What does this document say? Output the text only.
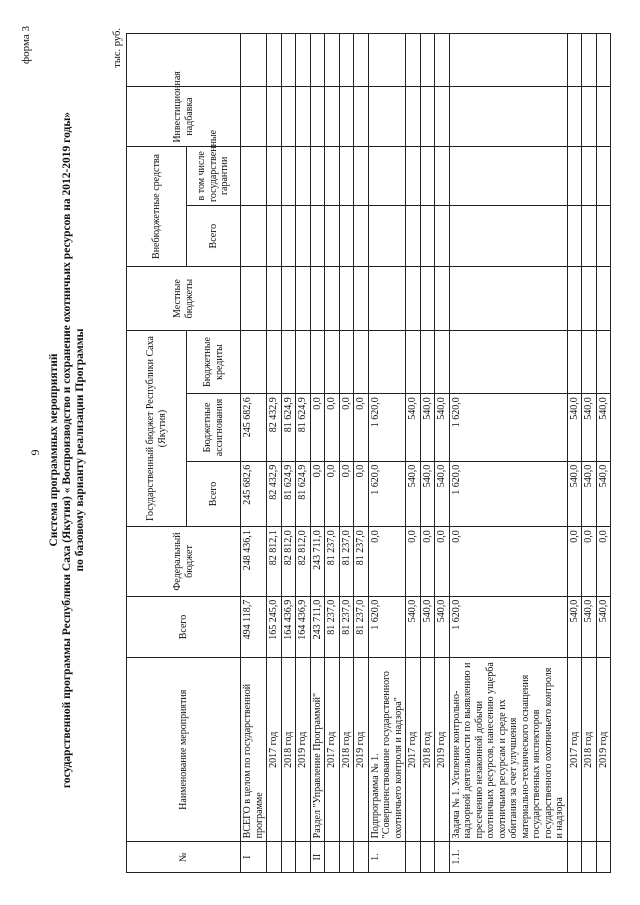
9
форма 3
Система программных мероприятий государственной программы Республики Саха (Якутия) « Воспроизводство и сохранение охотничьих ресурсов на 2012-2019 годы» по базовому варианту реализации Программы
тыс. руб.
№	Наименование мероприятия	Всего	Федеральный бюджет	Государственный бюджет Республики Саха (Якутия)			Местные бюджеты	Внебюджетные средства		Инвестиционная надбавка	
				Всего	Бюджетные ассигнования	Бюджетные кредиты		Всего	в том числе государственные гарантии		
I	ВСЕГО в целом по государственной программе	494 118,7	248 436,1	245 682,6	245 682,6						
	2017 год	165 245,0	82 812,1	82 432,9	82 432,9						
	2018 год	164 436,9	82 812,0	81 624,9	81 624,9						
	2019 год	164 436,9	82 812,0	81 624,9	81 624,9						
II	Раздел "Управление Программой"	243 711,0	243 711,0	0,0	0,0						
	2017 год	81 237,0	81 237,0	0,0	0,0						
	2018 год	81 237,0	81 237,0	0,0	0,0						
	2019 год	81 237,0	81 237,0	0,0	0,0						
1.	Подпрограмма № 1. "Совершенствование государственного охотничьего контроля и надзора"	1 620,0	0,0	1 620,0	1 620,0						
	2017 год	540,0	0,0	540,0	540,0						
	2018 год	540,0	0,0	540,0	540,0						
	2019 год	540,0	0,0	540,0	540,0						
1.1.	Задача № 1. Усиление контрольно-надзорной деятельности по выявлению и пресечению незаконной добычи охотничьих ресурсов, нанесению ущерба охотничьим ресурсам и среде их обитания за счет улучшения материально-технического оснащения государственных инспекторов государственного охотничьего контроля и надзора	1 620,0	0,0	1 620,0	1 620,0						
	2017 год	540,0	0,0	540,0	540,0						
	2018 год	540,0	0,0	540,0	540,0						
	2019 год	540,0	0,0	540,0	540,0						
